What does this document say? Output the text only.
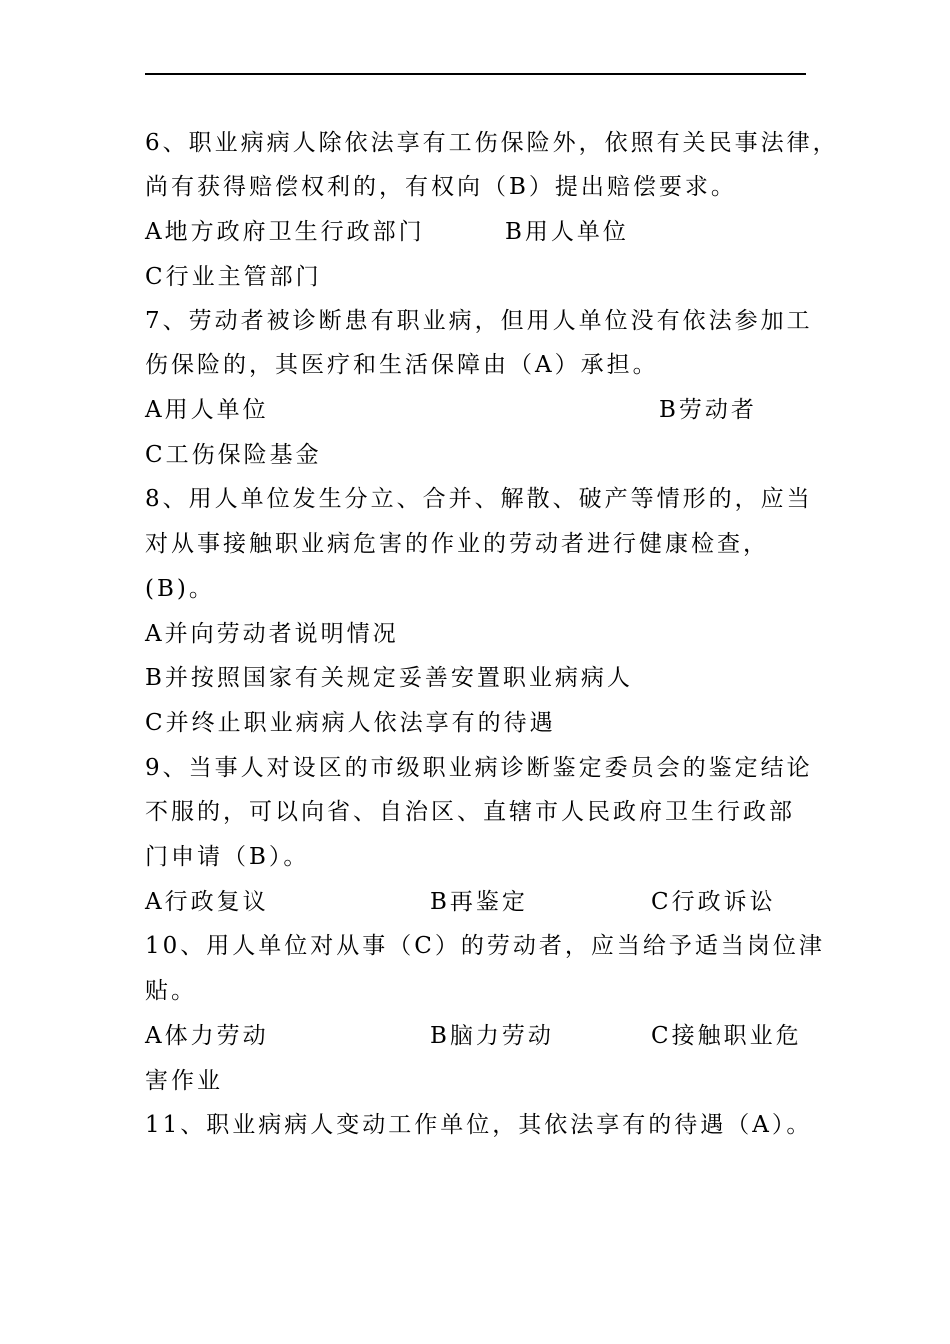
6、职业病病人除依法享有工伤保险外，依照有关民事法律，
尚有获得赔偿权利的，有权向（B）提出赔偿要求。
A地方政府卫生行政部门	B用人单位
C行业主管部门
7、劳动者被诊断患有职业病，但用人单位没有依法参加工
伤保险的，其医疗和生活保障由（A）承担。
A用人单位	B劳动者
C工伤保险基金
8、用人单位发生分立、合并、解散、破产等情形的，应当
对从事接触职业病危害的作业的劳动者进行健康检查，
(B)。
A并向劳动者说明情况
B并按照国家有关规定妥善安置职业病病人
C并终止职业病病人依法享有的待遇
9、当事人对设区的市级职业病诊断鉴定委员会的鉴定结论
不服的，可以向省、自治区、直辖市人民政府卫生行政部
门申请（B）。
A行政复议	B再鉴定	C行政诉讼
10、用人单位对从事（C）的劳动者，应当给予适当岗位津
贴。
A体力劳动	B脑力劳动	C接触职业危
害作业
11、职业病病人变动工作单位，其依法享有的待遇（A）。
